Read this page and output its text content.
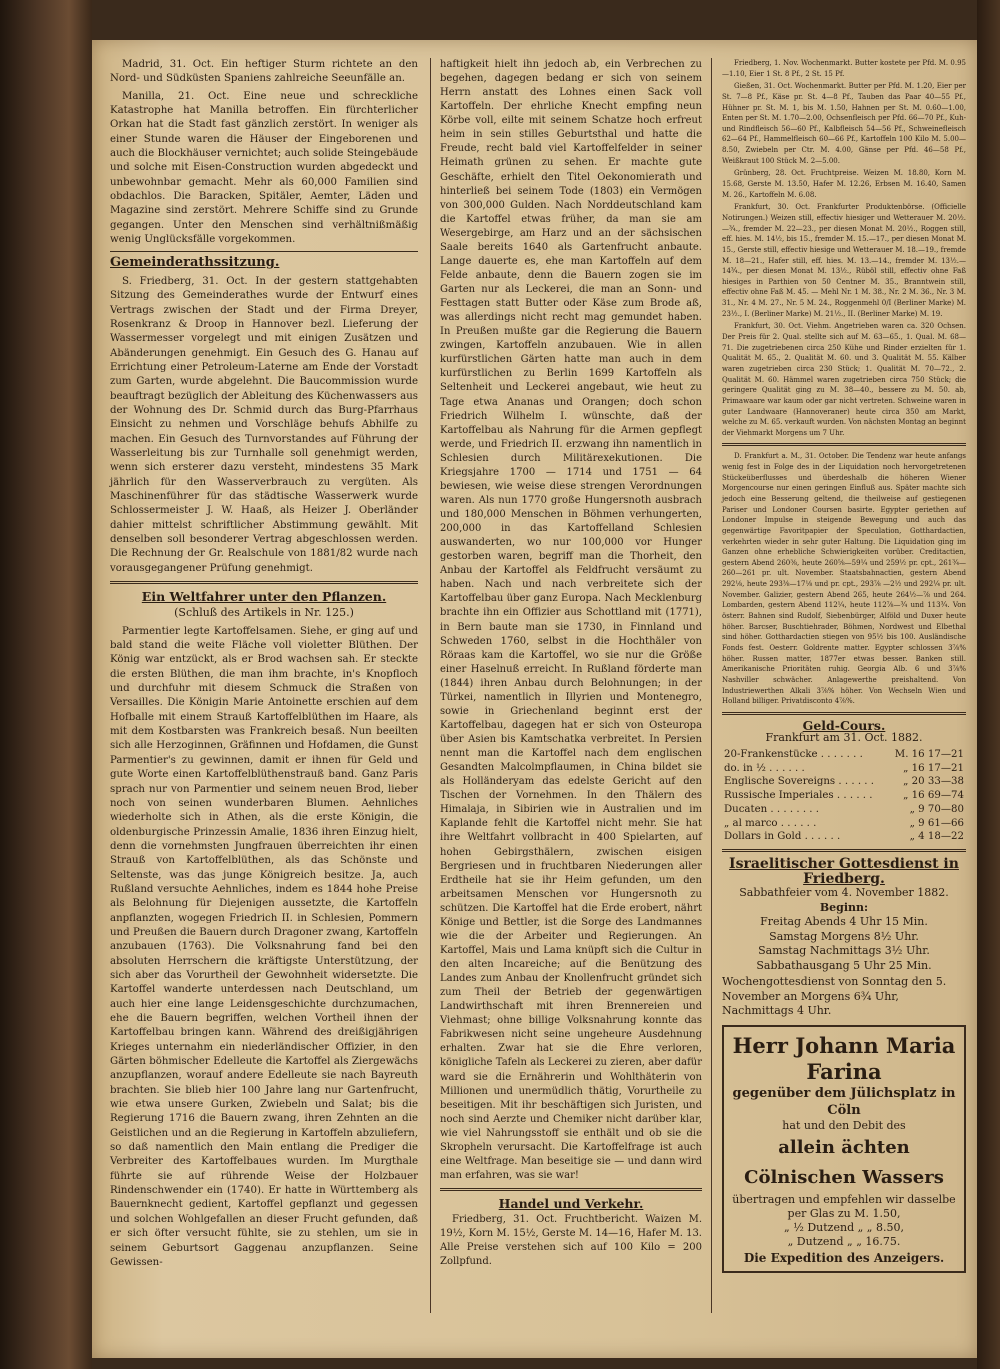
Madrid, 31. Oct. Ein heftiger Sturm richtete an den Nord- und Südküsten Spaniens zahlreiche Seeunfälle an.

Manilla, 21. Oct. Eine neue und schreckliche Katastrophe hat Manilla betroffen. Ein fürchterlicher Orkan hat die Stadt fast gänzlich zerstört. In weniger als einer Stunde waren die Häuser der Eingeborenen und auch die Blockhäuser vernichtet; auch solide Steingebäude und solche mit Eisen-Construction wurden abgedeckt und unbewohnbar gemacht. Mehr als 60,000 Familien sind obdachlos. Die Baracken, Spitäler, Aemter, Läden und Magazine sind zerstört. Mehrere Schiffe sind zu Grunde gegangen. Unter den Menschen sind verhältnißmäßig wenig Unglücksfälle vorgekommen.

Gemeinderathssitzung.

S. Friedberg, 31. Oct. In der gestern stattgehabten Sitzung des Gemeinderathes wurde der Entwurf eines Vertrags zwischen der Stadt und der Firma Dreyer, Rosenkranz & Droop in Hannover bezl. Lieferung der Wassermesser vorgelegt und mit einigen Zusätzen und Abänderungen genehmigt. Ein Gesuch des G. Hanau auf Errichtung einer Petroleum-Laterne am Ende der Vorstadt zum Garten, wurde abgelehnt. Die Baucommission wurde beauftragt bezüglich der Ableitung des Küchenwassers aus der Wohnung des Dr. Schmid durch das Burg-Pfarrhaus Einsicht zu nehmen und Vorschläge behufs Abhilfe zu machen. Ein Gesuch des Turnvorstandes auf Führung der Wasserleitung bis zur Turnhalle soll genehmigt werden, wenn sich ersterer dazu versteht, mindestens 35 Mark jährlich für den Wasserverbrauch zu vergüten. Als Maschinenführer für das städtische Wasserwerk wurde Schlossermeister J. W. Haaß, als Heizer J. Oberländer dahier mittelst schriftlicher Abstimmung gewählt. Mit denselben soll besonderer Vertrag abgeschlossen werden. Die Rechnung der Gr. Realschule von 1881/82 wurde nach vorausgegangener Prüfung genehmigt.

Ein Weltfahrer unter den Pflanzen.
(Schluß des Artikels in Nr. 125.)

Parmentier legte Kartoffelsamen. Siehe, er ging auf und bald stand die weite Fläche voll violetter Blüthen. Der König war entzückt, als er Brod wachsen sah. Er steckte die ersten Blüthen, die man ihm brachte, in's Knopfloch und durchfuhr mit diesem Schmuck die Straßen von Versailles. Die Königin Marie Antoinette erschien auf dem Hofballe mit einem Strauß Kartoffelblüthen im Haare, als mit dem Kostbarsten was Frankreich besaß. Nun beeilten sich alle Herzoginnen, Gräfinnen und Hofdamen, die Gunst Parmentier's zu gewinnen, damit er ihnen für Geld und gute Worte einen Kartoffelblüthenstrauß band. Ganz Paris sprach nur von Parmentier und seinem neuen Brod, lieber noch von seinen wunderbaren Blumen. Aehnliches wiederholte sich in Athen, als die erste Königin, die oldenburgische Prinzessin Amalie, 1836 ihren Einzug hielt, denn die vornehmsten Jungfrauen überreichten ihr einen Strauß von Kartoffelblüthen, als das Schönste und Seltenste, was das junge Königreich besitze. Ja, auch Rußland versuchte Aehnliches, indem es 1844 hohe Preise als Belohnung für Diejenigen aussetzte, die Kartoffeln anpflanzten, wogegen Friedrich II. in Schlesien, Pommern und Preußen die Bauern durch Dragoner zwang, Kartoffeln anzubauen (1763). Die Volksnahrung fand bei den absoluten Herrschern die kräftigste Unterstützung, der sich aber das Vorurtheil der Gewohnheit widersetzte. Die Kartoffel wanderte unterdessen nach Deutschland, um auch hier eine lange Leidensgeschichte durchzumachen, ehe die Bauern begriffen, welchen Vortheil ihnen der Kartoffelbau bringen kann. Während des dreißigjährigen Krieges unternahm ein niederländischer Offizier, in den Gärten böhmischer Edelleute die Kartoffel als Ziergewächs anzupflanzen, worauf andere Edelleute sie nach Bayreuth brachten. Sie blieb hier 100 Jahre lang nur Gartenfrucht, wie etwa unsere Gurken, Zwiebeln und Salat; bis die Regierung 1716 die Bauern zwang, ihren Zehnten an die Geistlichen und an die Regierung in Kartoffeln abzuliefern, so daß namentlich den Main entlang die Prediger die Verbreiter des Kartoffelbaues wurden. Im Murgthale führte sie auf rührende Weise der Holzbauer Rindenschwender ein (1740). Er hatte in Württemberg als Bauernknecht gedient, Kartoffel gepflanzt und gegessen und solchen Wohlgefallen an dieser Frucht gefunden, daß er sich öfter versucht fühlte, sie zu stehlen, um sie in seinem Geburtsort Gaggenau anzupflanzen. Seine Gewissen-

haftigkeit hielt ihn jedoch ab, ein Verbrechen zu begehen, dagegen bedang er sich von seinem Herrn anstatt des Lohnes einen Sack voll Kartoffeln. Der ehrliche Knecht empfing neun Körbe voll, eilte mit seinem Schatze hoch erfreut heim in sein stilles Geburtsthal und hatte die Freude, recht bald viel Kartoffelfelder in seiner Heimath grünen zu sehen. Er machte gute Geschäfte, erhielt den Titel Oekonomierath und hinterließ bei seinem Tode (1803) ein Vermögen von 300,000 Gulden. Nach Norddeutschland kam die Kartoffel etwas früher, da man sie am Wesergebirge, am Harz und an der sächsischen Saale bereits 1640 als Gartenfrucht anbaute. Lange dauerte es, ehe man Kartoffeln auf dem Felde anbaute, denn die Bauern zogen sie im Garten nur als Leckerei, die man an Sonn- und Festtagen statt Butter oder Käse zum Brode aß, was allerdings nicht recht mag gemundet haben. In Preußen mußte gar die Regierung die Bauern zwingen, Kartoffeln anzubauen. Wie in allen kurfürstlichen Gärten hatte man auch in dem kurfürstlichen zu Berlin 1699 Kartoffeln als Seltenheit und Leckerei angebaut, wie heut zu Tage etwa Ananas und Orangen; doch schon Friedrich Wilhelm I. wünschte, daß der Kartoffelbau als Nahrung für die Armen gepflegt werde, und Friedrich II. erzwang ihn namentlich in Schlesien durch Militärexekutionen. Die Kriegsjahre 1700 — 1714 und 1751 — 64 bewiesen, wie weise diese strengen Verordnungen waren. Als nun 1770 große Hungersnoth ausbrach und 180,000 Menschen in Böhmen verhungerten, 200,000 in das Kartoffelland Schlesien auswanderten, wo nur 100,000 vor Hunger gestorben waren, begriff man die Thorheit, den Anbau der Kartoffel als Feldfrucht versäumt zu haben. Nach und nach verbreitete sich der Kartoffelbau über ganz Europa. Nach Mecklenburg brachte ihn ein Offizier aus Schottland mit (1771), in Bern baute man sie 1730, in Finnland und Schweden 1760, selbst in die Hochthäler von Röraas kam die Kartoffel, wo sie nur die Größe einer Haselnuß erreicht. In Rußland förderte man (1844) ihren Anbau durch Belohnungen; in der Türkei, namentlich in Illyrien und Montenegro, sowie in Griechenland beginnt erst der Kartoffelbau, dagegen hat er sich von Osteuropa über Asien bis Kamtschatka verbreitet. In Persien nennt man die Kartoffel nach dem englischen Gesandten Malcolmpflaumen, in China bildet sie als Holländeryam das edelste Gericht auf den Tischen der Vornehmen. In den Thälern des Himalaja, in Sibirien wie in Australien und im Kaplande fehlt die Kartoffel nicht mehr. Sie hat ihre Weltfahrt vollbracht in 400 Spielarten, auf hohen Gebirgsthälern, zwischen eisigen Bergriesen und in fruchtbaren Niederungen aller Erdtheile hat sie ihr Heim gefunden, um den arbeitsamen Menschen vor Hungersnoth zu schützen. Die Kartoffel hat die Erde erobert, nährt Könige und Bettler, ist die Sorge des Landmannes wie die der Arbeiter und Regierungen. An Kartoffel, Mais und Lama knüpft sich die Cultur in den alten Incareiche; auf die Benützung des Landes zum Anbau der Knollenfrucht gründet sich zum Theil der Betrieb der gegenwärtigen Landwirthschaft mit ihren Brennereien und Viehmast; ohne billige Volksnahrung konnte das Fabrikwesen nicht seine ungeheure Ausdehnung erhalten. Zwar hat sie die Ehre verloren, königliche Tafeln als Leckerei zu zieren, aber dafür ward sie die Ernährerin und Wohlthäterin von Millionen und unermüdlich thätig, Vorurtheile zu beseitigen. Mit ihr beschäftigen sich Juristen, und noch sind Aerzte und Chemiker nicht darüber klar, wie viel Nahrungsstoff sie enthält und ob sie die Skropheln verursacht. Die Kartoffelfrage ist auch eine Weltfrage. Man beseitige sie — und dann wird man erfahren, was sie war!

Handel und Verkehr.

Friedberg, 31. Oct. Fruchtbericht. Waizen M. 19½, Korn M. 15½, Gerste M. 14—16, Hafer M. 13. Alle Preise verstehen sich auf 100 Kilo = 200 Zollpfund.

Friedberg, 1. Nov. Wochenmarkt. Butter kostete per Pfd. M. 0.95—1.10, Eier 1 St. 8 Pf., 2 St. 15 Pf.

Gießen, 31. Oct. Wochenmarkt. Butter per Pfd. M. 1.20, Eier per St. 7—8 Pf., Käse pr. St. 4—8 Pf., Tauben das Paar 40—55 Pf., Hühner pr. St. M. 1, bis M. 1.50, Hahnen per St. M. 0.60—1.00, Enten per St. M. 1.70—2.00, Ochsenfleisch per Pfd. 66—70 Pf., Kuh- und Rindfleisch 56—60 Pf., Kalbfleisch 54—56 Pf., Schweinefleisch 62—64 Pf., Hammelfleisch 60—66 Pf., Kartoffeln 100 Kilo M. 5.00—8.50, Zwiebeln per Ctr. M. 4.00, Gänse per Pfd. 46—58 Pf., Weißkraut 100 Stück M. 2—5.00.

Grünberg, 28. Oct. Fruchtpreise. Weizen M. 18.80, Korn M. 15.68, Gerste M. 13.50, Hafer M. 12.26, Erbsen M. 16.40, Samen M. 26., Kartoffeln M. 6.08.

Frankfurt, 30. Oct. Frankfurter Produktenbörse. (Officielle Notirungen.) Weizen still, effectiv hiesiger und Wetterauer M. 20½.—¾., fremder M. 22—23., per diesen Monat M. 20½., Roggen still, eff. hies. M. 14½, bis 15., fremder M. 15.—17., per diesen Monat M. 15., Gerste still, effectiv hiesige und Wetterauer M. 18.—19., fremde M. 18—21., Hafer still, eff. hies. M. 13.—14., fremder M. 13½.—14¾., per diesen Monat M. 13½., Rüböl still, effectiv ohne Faß hiesiges in Parthien von 50 Centner M. 35., Branntwein still, effectiv ohne Faß M. 45. — Mehl Nr. 1 M. 38., Nr. 2 M. 36., Nr. 3 M. 31., Nr. 4 M. 27., Nr. 5 M. 24., Roggenmehl 0/I (Berliner Marke) M. 23½., I. (Berliner Marke) M. 21½., II. (Berliner Marke) M. 19.

Frankfurt, 30. Oct. Viehm. Angetrieben waren ca. 320 Ochsen. Der Preis für 2. Qual. stellte sich auf M. 63—65., 1. Qual. M. 68—71. Die zugetriebenen circa 250 Kühe und Rinder erzielten für 1. Qualität M. 65., 2. Qualität M. 60. und 3. Qualität M. 55. Kälber waren zugetrieben circa 230 Stück; 1. Qualität M. 70—72., 2. Qualität M. 60. Hämmel waren zugetrieben circa 750 Stück; die geringere Qualität ging zu M. 38—40., bessere zu M. 50. ab, Primawaare war kaum oder gar nicht vertreten. Schweine waren in guter Landwaare (Hannoveraner) heute circa 350 am Markt, welche zu M. 65. verkauft wurden. Von nächsten Montag an beginnt der Viehmarkt Morgens um 7 Uhr.

D. Frankfurt a. M., 31. October. Die Tendenz war heute anfangs wenig fest in Folge des in der Liquidation noch hervorgetretenen Stückeüberflusses und überdeshalb die höheren Wiener Morgencourse nur einen geringen Einfluß aus. Später machte sich jedoch eine Besserung geltend, die theilweise auf gestiegenen Pariser und Londoner Coursen basirte. Egypter geriethen auf Londoner Impulse in steigende Bewegung und auch das gegenwärtige Favoritpapier der Speculation, Gotthardactien, verkehrten wieder in sehr guter Haltung. Die Liquidation ging im Ganzen ohne erhebliche Schwierigkeiten vorüber. Creditactien, gestern Abend 260⅜, heute 260⅝—59¼ und 259½ pr. cpt., 261¾—260—261 pr. ult. November. Staatsbahnactien, gestern Abend 292⅛, heute 293⅜—17⅛ und pr. cpt., 293⅞ —2½ und 292¼ pr. ult. November. Galizier, gestern Abend 265, heute 264½—⅞ und 264. Lombarden, gestern Abend 112¼, heute 112⅞—¾ und 113¾. Von österr. Bahnen sind Rudolf, Siebenbürger, Alföld und Duxer heute höher. Barcser, Buschtiehrader, Böhmen, Nordwest und Elbethal sind höher. Gotthardactien stiegen von 95½ bis 100. Ausländische Fonds fest. Oesterr. Goldrente matter. Egypter schlossen 3⅞% höher. Russen matter, 1877er etwas besser. Banken still. Amerikanische Prioritäten ruhig. Georgia Alb. 6 und 3⅞% Nashviller schwächer. Anlagewerthe preishaltend. Von Industriewerthen Alkali 3⅞% höher. Von Wechseln Wien und Holland billiger. Privatdisconto 4⅞%.

Geld-Cours.
Frankfurt am 31. Oct. 1882.
20-Frankenstücke . . . . . . .	M. 16 17—21
do. in ½ . . . . . .	„ 16 17—21
Englische Sovereigns . . . . . .	„ 20 33—38
Russische Imperiales . . . . . .	„ 16 69—74
Ducaten . . . . . . . .	„ 9 70—80
„ al marco . . . . . .	„ 9 61—66
Dollars in Gold . . . . . .	„ 4 18—22
Israelitischer Gottesdienst in Friedberg.
Sabbathfeier vom 4. November 1882.
Beginn:
Freitag Abends 4 Uhr 15 Min.
Samstag Morgens 8½ Uhr.
Samstag Nachmittags 3½ Uhr.
Sabbathausgang 5 Uhr 25 Min.
Wochengottesdienst von Sonntag den 5. November an Morgens 6¾ Uhr, Nachmittags 4 Uhr.
Herr Johann Maria Farina
gegenüber dem Jülichsplatz in Cöln
hat und den Debit des
allein ächten Cölnischen Wassers
übertragen und empfehlen wir dasselbe
per Glas zu M. 1.50,
„ ½ Dutzend „ „ 8.50,
„ Dutzend „ „ 16.75.
Die Expedition des Anzeigers.
